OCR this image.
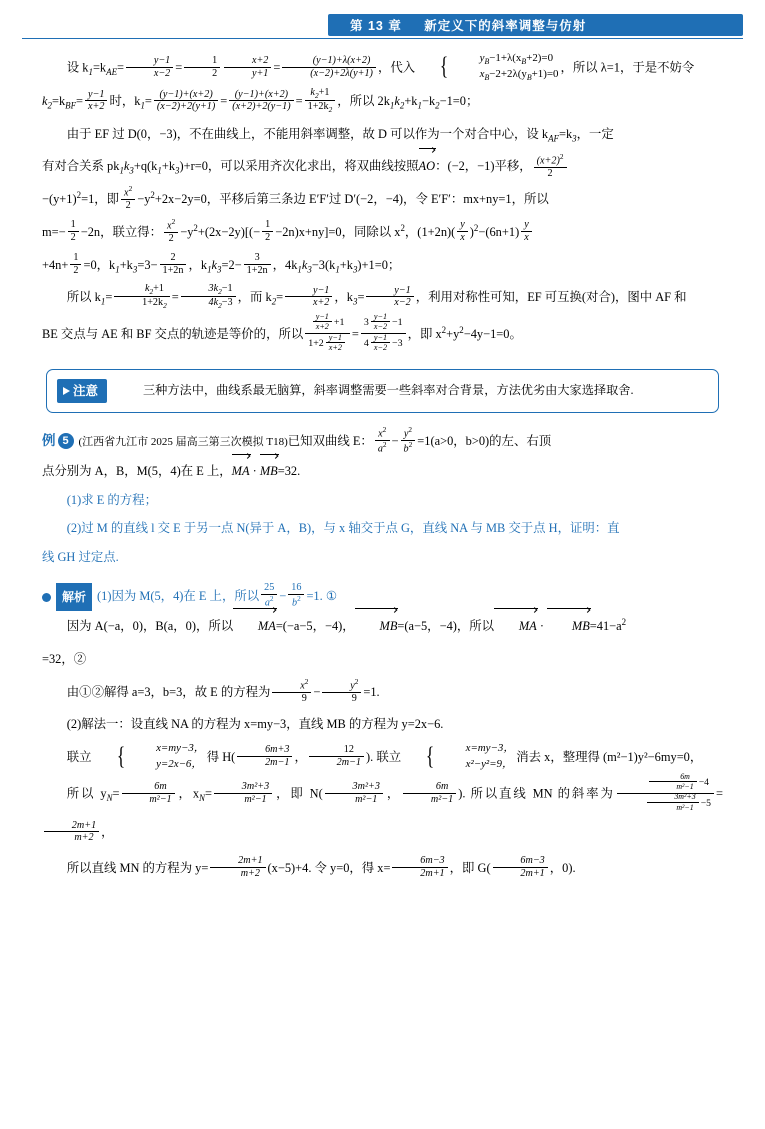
第 13 章 新定义下的斜率调整与仿射

设 $k_1=k_{AE}= \frac{y-1}{x-2} = \frac{1}{2} \frac{x+2}{y+1} = \frac{(y-1)+\lambda(x+2)}{(x-2)+2\lambda(y+1)}$ ，代入	{	$y_B-1+\lambda(x_B+2)=0$
$x_B-2+2\lambda(y_B+1)=0$ ，所以 λ=1，于是不妨令

$k_2=k_{BF}= \frac{y-1}{x+2}$ 时，$k_1= \frac{(y-1)+(x+2)}{(x-2)+2(y+1)} = \frac{(y-1)+(x+2)}{(x+2)+2(y-1)} = \frac{k_2+1}{1+2k_2}$ ，所以 $2k_1k_2+k_1-k_2-1=0$；

由于 EF 过 D(0，−3)，不在曲线上，不能用斜率调整，故 D 可以作为一个对合中心，设 $k_{AF}=k_3$，一定

有对合关系 $pk_1k_3+q(k_1+k_3)+r=0$，可以采用齐次化求出，将双曲线按照AO：(−2，−1)平移， $\frac{(x+2)^2}{2}$

$-(y+1)^2=1$，即 $\frac{x^2}{2} -y^2+2x-2y=0$，平移后第三条边 E′F′过 D′(−2，−4)，令 E′F′：mx+ny=1，所以

$m=- \frac{1}{2} -2n$，联立得： $\frac{x^2}{2} -y^2+(2x-2y)[(- \frac{1}{2} -2n)x+ny]=0$，同除以 $x^2$，$(1+2n)( \frac{y}{x} )^2-(6n+1) \frac{y}{x}$

$+4n+ \frac{1}{2} =0$，$k_1+k_3=3- \frac{2}{1+2n}$ ，$k_1k_3=2- \frac{3}{1+2n}$ ，$4k_1k_3-3(k_1+k_3)+1=0$；

所以 $k_1= \frac{k_2+1}{1+2k_2} = \frac{3k_2-1}{4k_2-3}$ ，而 $k_2= \frac{y-1}{x+2}$ ，$k_3= \frac{y-1}{x-2}$ ，利用对称性可知，EF 可互换(对合)，图中 AF 和

BE 交点与 AE 和 BF 交点的轨迹是等价的，所以 $\frac{\frac{y-1}{x+2} +1}{1+2 \frac{y-1}{x+2}} = \frac{3 \frac{y-1}{x-2} -1}{4 \frac{y-1}{x-2} -3}$ ，即 $x^2+y^2-4y-1=0$。

注意	三种方法中，曲线系最无脑算，斜率调整需要一些斜率对合背景，方法优劣由大家选择取舍.
例 5 (江西省九江市 2025 届高三第三次模拟 T18)已知双曲线 E： $\frac{x^2}{a^2} - \frac{y^2}{b^2} =1(a>0$，b>0)的左、右顶

点分别为 A，B，M(5，4)在 E 上，MA · MB=32.

(1)求 E 的方程；

(2)过 M 的直线 l 交 E 于另一点 N(异于 A，B)，与 x 轴交于点 G，直线 NA 与 MB 交于点 H，证明：直

线 GH 过定点.

解析 (1)因为 M(5，4)在 E 上，所以 $\frac{25}{a^2} - \frac{16}{b^2} =1$. ①

因为 A(−a，0)，B(a，0)，所以 MA=(−a−5，−4)， MB=(a−5，−4)，所以 MA · $MB=41-a^2$

=32，②

由①②解得 a=3，b=3，故 E 的方程为 $\frac{x^2}{9} - \frac{y^2}{9} =1$.

(2)解法一：设直线 NA 的方程为 x=my−3，直线 MB 的方程为 y=2x−6.

联立	{	x=my−3，
y=2x−6， 得 $H( \frac{6m+3}{2m-1}$ ， $\frac{12}{2m-1}$ ). 联立	{	x=my−3，
x²−y²=9， 消去 x，整理得 (m²−1)y²−6my=0，

所以 $y_N= \frac{6m}{\text{m²−1}}$ ，$x_N= \frac{\text{3m²+3}}{\text{m²−1}}$ ，即 $N( \frac{\text{3m²+3}}{\text{m²−1}}$ ， $\frac{6m}{\text{m²−1}}$ ). 所以直线 MN 的斜率为 $\frac{\frac{6m}{\text{m²−1}} -4}{\frac{\text{3m²+3}}{\text{m²−1}} -5}$ =
$\frac{2m+1}{m+2}$ ，

所以直线 MN 的方程为 $y= \frac{2m+1}{m+2} (x-5)+4$. 令 y=0，得 $x= \frac{6m-3}{2m+1}$ ，即 $G( \frac{6m-3}{2m+1}$ ，0).
